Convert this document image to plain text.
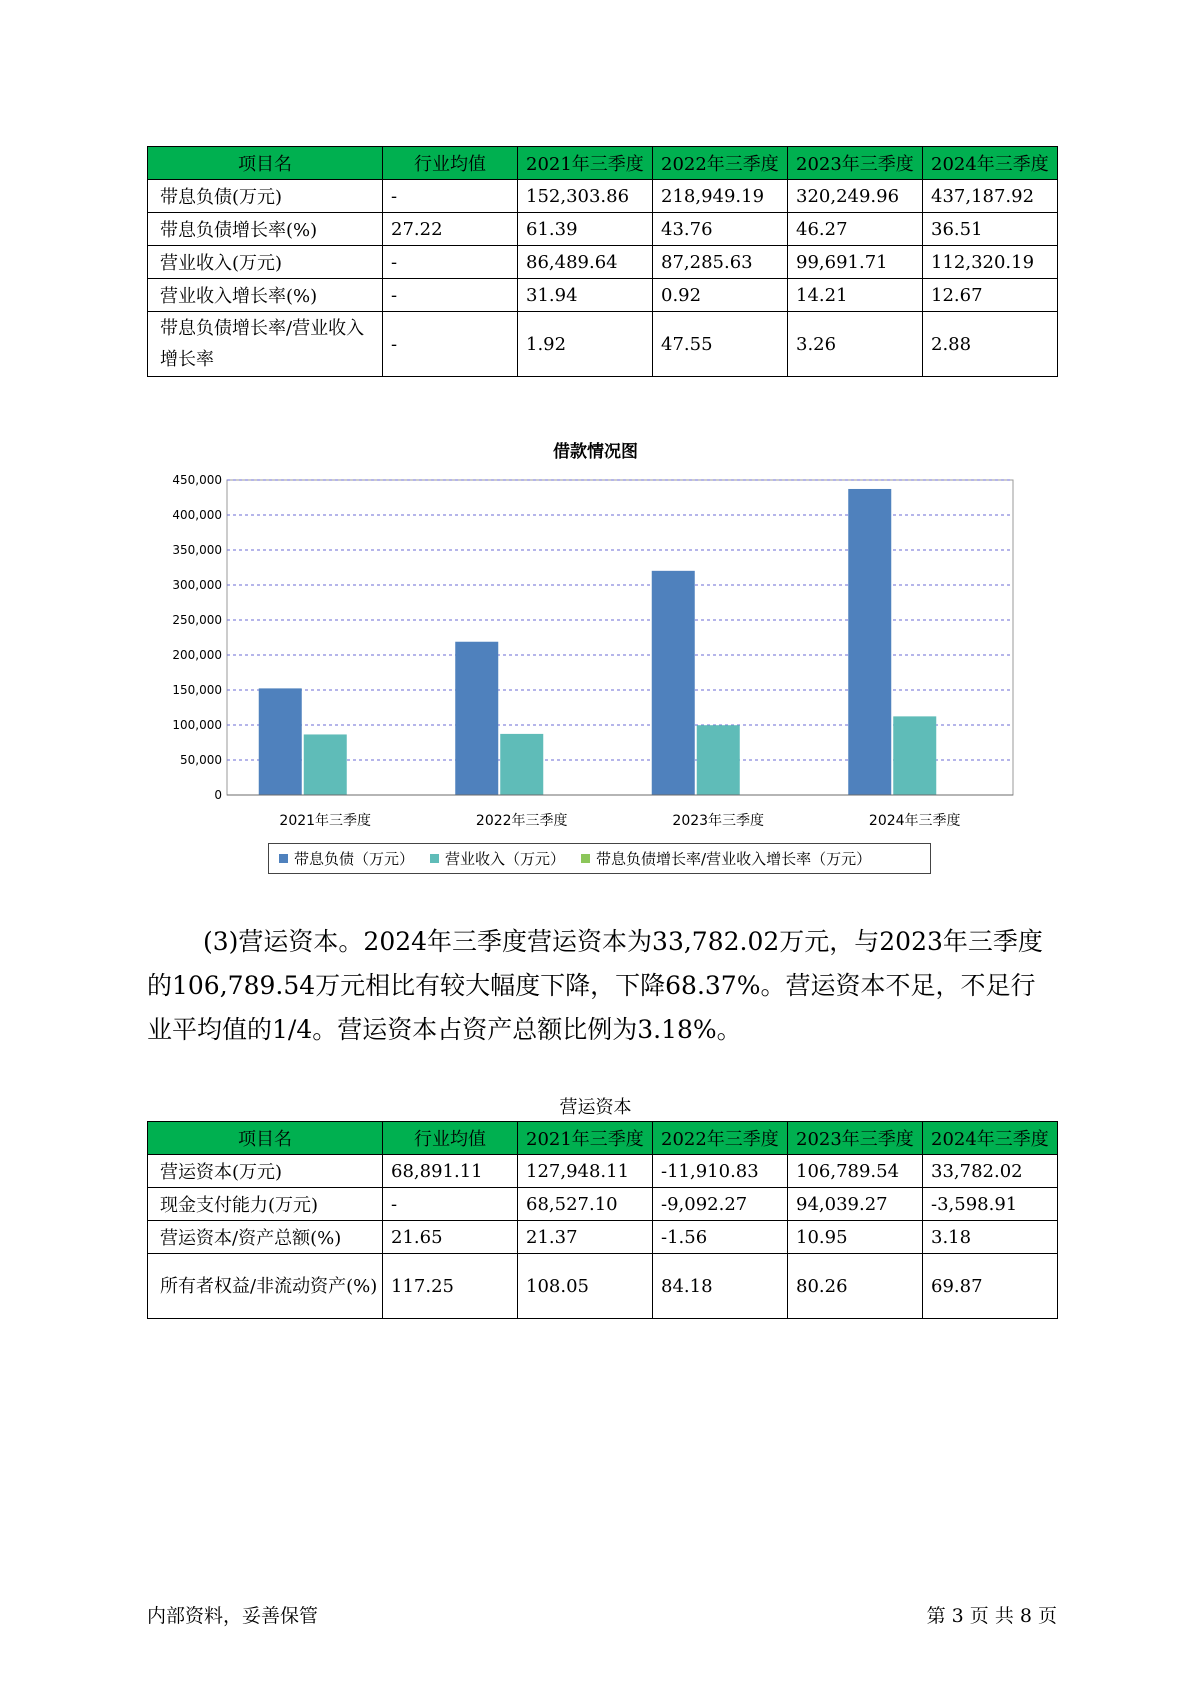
项目名	行业均值	2021年三季度	2022年三季度	2023年三季度	2024年三季度
带息负债(万元)	-	152,303.86	218,949.19	320,249.96	437,187.92
带息负债增长率(%)	27.22	61.39	43.76	46.27	36.51
营业收入(万元)	-	86,489.64	87,285.63	99,691.71	112,320.19
营业收入增长率(%)	-	31.94	0.92	14.21	12.67
带息负债增长率/营业收入增长率	-	1.92	47.55	3.26	2.88
借款情况图
0
50,000
100,000
150,000
200,000
250,000
300,000
350,000
400,000
450,000
2021年三季度	2022年三季度	2023年三季度	2024年三季度
带息负债（万元） 营业收入（万元） 带息负债增长率/营业收入增长率（万元）

(3)营运资本。2024年三季度营运资本为33,782.02万元，与2023年三季度的106,789.54万元相比有较大幅度下降，下降68.37%。营运资本不足，不足行业平均值的1/4。营运资本占资产总额比例为3.18%。

营运资本
项目名	行业均值	2021年三季度	2022年三季度	2023年三季度	2024年三季度
营运资本(万元)	68,891.11	127,948.11	-11,910.83	106,789.54	33,782.02
现金支付能力(万元)	-	68,527.10	-9,092.27	94,039.27	-3,598.91
营运资本/资产总额(%)	21.65	21.37	-1.56	10.95	3.18
所有者权益/非流动资产(%)	117.25	108.05	84.18	80.26	69.87
内部资料，妥善保管	第 3 页 共 8 页
